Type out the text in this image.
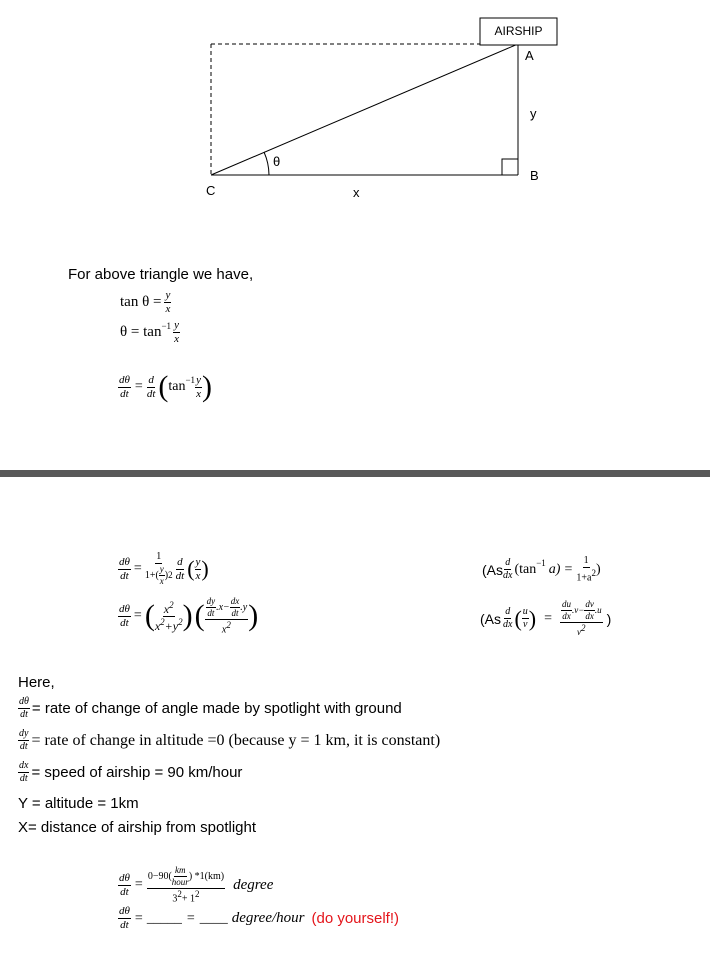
AIRSHIP
A
y
B
C	x
θ
For above triangle we have,
$\tan \theta = \frac{y}{x}$
$\theta = \tan^{-1} \frac{y}{x}$
$\frac{d\theta}{dt} = \frac{d}{dt}$ ( $\tan^{-1} \frac{y}{x}$ )
$\frac{d\theta}{dt} = \frac{1}{1+( \frac{y}{x} ) 2} \frac{d}{dt}$ ( $\frac{y}{x}$ )	($As \frac{d}{dx} (\tan^{-1}$ $a) = \frac{1}{1+a^2}$ )
$\frac{d\theta}{dt}$ = ( $\frac{x^2}{x^2+y^2}$ ) ( $\frac{\frac{dy}{dt} .x- \frac{dx}{dt} .y}{x^2}$ )	($As \frac{d}{dx}$ ( $\frac{u}{v}$ ) = $\frac{\frac{du}{dx} .v- \frac{dv}{dx} .u}{v^2}$ )
Here,
$\frac{d\theta}{dt}$ = rate of change of angle made by spotlight with ground
$\frac{dy}{dt}$ = rate of change in altitude =0 (because y = 1 km, it is constant)
$\frac{dx}{dt}$ = speed of airship = 90 km/hour
Y = altitude = 1km
X= distance of airship from spotlight
$\frac{d\theta}{dt} = \frac{0-90( \frac{km}{\text{hour}} ) *1(km)}{3^2+ 1^2}$ degree
$\frac{d\theta}{dt}$ = _____ = ____ degree/hour (do yourself!)
